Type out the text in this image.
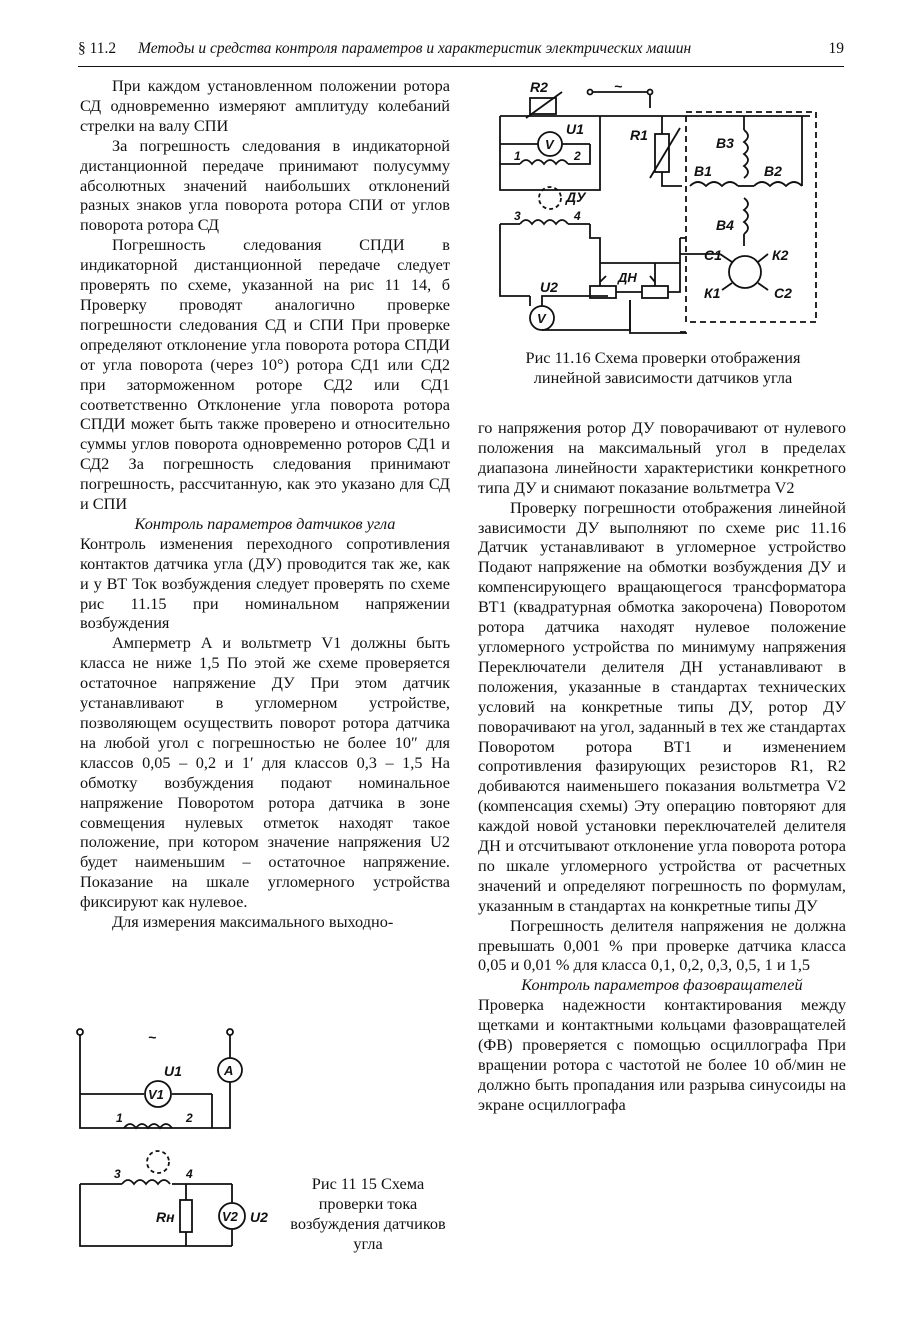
§ 11.2 Методы и средства контроля параметров и характеристик электрических машин	19

При каждом установленном положении ротора СД одновременно измеряют амплитуду колебаний стрелки на валу СПИ

За погрешность следования в индикаторной дистанционной передаче принимают полусумму абсолютных значений наибольших отклонений разных знаков угла поворота ротора СПИ от углов поворота ротора СД

Погрешность следования СПДИ в индикаторной дистанционной передаче следует проверять по схеме, указанной на рис 11 14, б Проверку проводят аналогично проверке погрешности следования СД и СПИ При проверке определяют отклонение угла поворота ротора СПДИ от угла поворота (через 10°) ротора СД1 или СД2 при заторможенном роторе СД2 или СД1 соответственно Отклонение угла поворота ротора СПДИ может быть также проверено и относительно суммы углов поворота одновременно роторов СД1 и СД2 За погрешность следования принимают погрешность, рассчитанную, как это указано для СД и СПИ

Контроль параметров датчиков угла

Контроль изменения переходного сопротивления контактов датчика угла (ДУ) проводится так же, как и у ВТ Ток возбуждения следует проверять по схеме рис 11.15 при номинальном напряжении возбуждения

Амперметр А и вольтметр V1 должны быть класса не ниже 1,5 По этой же схеме проверяется остаточное напряжение ДУ При этом датчик устанавливают в угломерном устройстве, позволяющем осуществить поворот ротора датчика на любой угол с погрешностью не более 10″ для классов 0,05 – 0,2 и 1′ для классов 0,3 – 1,5 На обмотку возбуждения подают номинальное напряжение Поворотом ротора датчика в зоне совмещения нулевых отметок находят такое положение, при котором значение напряжения U2 будет наименьшим – остаточное напряжение. Показание на шкале угломерного устройства фиксируют как нулевое.

Для измерения максимального выходно-

го напряжения ротор ДУ поворачивают от нулевого положения на максимальный угол в пределах диапазона линейности характеристики конкретного типа ДУ и снимают показание вольтметра V2

Проверку погрешности отображения линейной зависимости ДУ выполняют по схеме рис 11.16 Датчик устанавливают в угломерное устройство Подают напряжение на обмотки возбуждения ДУ и компенсирующего вращающегося трансформатора ВТ1 (квадратурная обмотка закорочена) Поворотом ротора датчика находят нулевое положение угломерного устройства по минимуму напряжения Переключатели делителя ДН устанавливают в положения, указанные в стандартах технических условий на конкретные типы ДУ, ротор ДУ поворачивают на угол, заданный в тех же стандартах Поворотом ротора ВТ1 и изменением сопротивления фазирующих резисторов R1, R2 добиваются наименьшего показания вольтметра V2 (компенсация схемы) Эту операцию повторяют для каждой новой установки переключателей делителя ДН и отсчитывают отклонение угла поворота ротора по шкале угломерного устройства от расчетных значений и определяют погрешность по формулам, указанным в стандартах на конкретные типы ДУ

Погрешность делителя напряжения не должна превышать 0,001 % при проверке датчика класса 0,05 и 0,01 % для класса 0,1, 0,2, 0,3, 0,5, 1 и 1,5

Контроль параметров фазовращателей

Проверка надежности контактирования между щетками и контактными кольцами фазовращателей (ФВ) проверяется с помощью осциллографа При вращении ротора с частотой не более 10 об/мин не должно быть пропадания или разрыва синусоиды на экране осциллографа

~
R2
U1
V
1	2
ДУ
3	4
U2
V
ДН
R1	В3
В1	В2
В4
С1	К2
К1	С2
Рис 11.16 Схема проверки отображения
линейной зависимости датчиков угла
~
U1	A
V1
1	2
3	4
Rн	V2 U2
Рис 11 15 Схема проверки тока возбуждения датчиков угла
